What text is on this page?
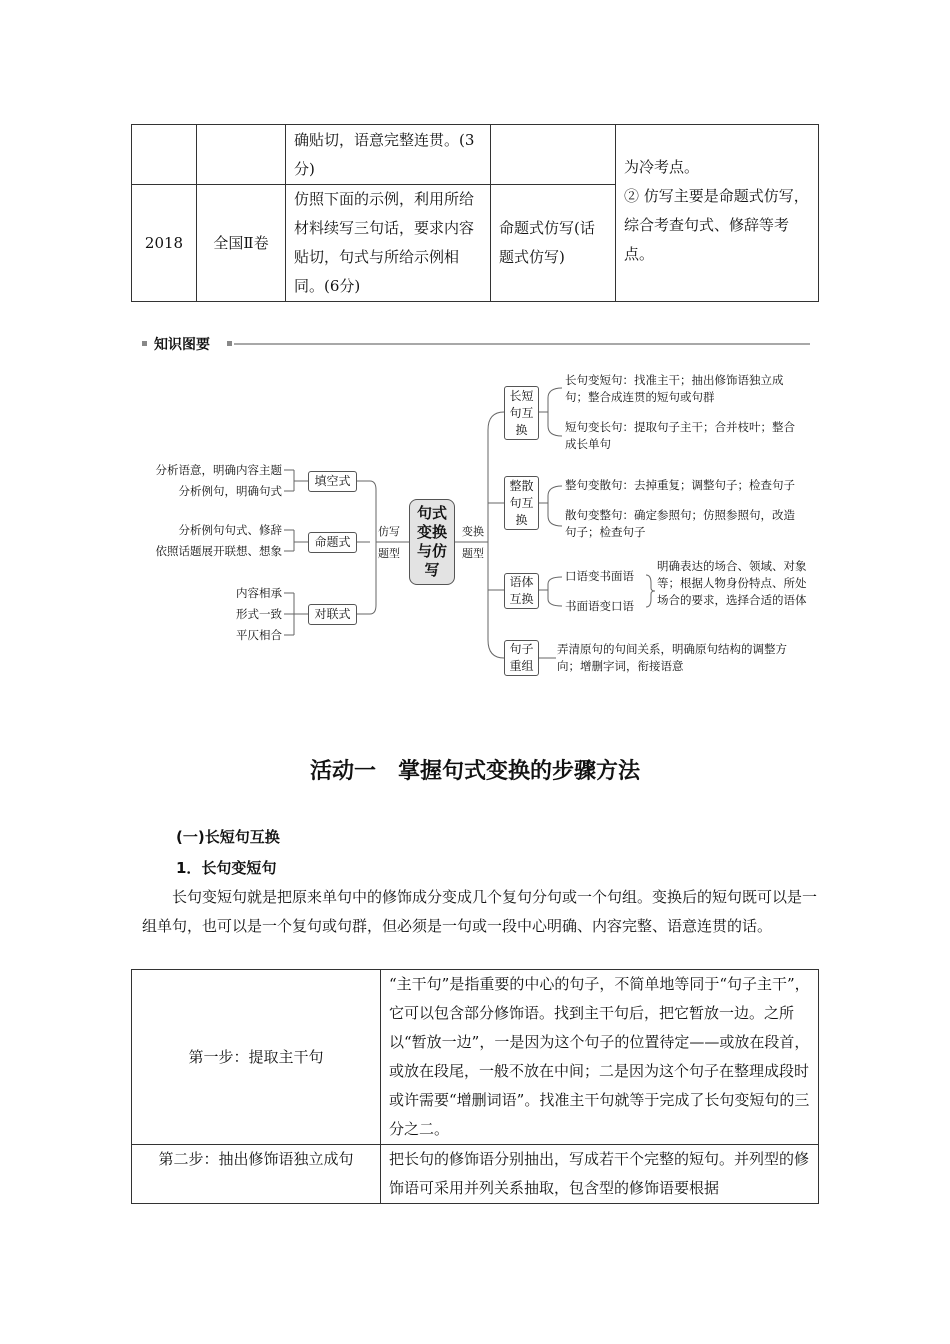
		确贴切，语意完整连贯。(3分)		为冷考点。
② 仿写主要是命题式仿写，综合考查句式、修辞等考点。

2018	全国Ⅱ卷	仿照下面的示例，利用所给材料续写三句话，要求内容贴切，句式与所给示例相同。(6分)	命题式仿写(话题式仿写)	
知识图要
分析语意，明确内容主题
分析例句，明确句式
分析例句句式、修辞
依照话题展开联想、想象
内容相承
形式一致
平仄相合
填空式
命题式
对联式
仿写
题型
变换
题型
句式
变换
与仿
写
长短句互换
整散句互换
语体互换
句子重组
长句变短句：找准主干；抽出修饰语独立成句；整合成连贯的短句或句群
短句变长句：提取句子主干；合并枝叶；整合成长单句
整句变散句：去掉重复；调整句子；检查句子
散句变整句：确定参照句；仿照参照句，改造句子；检查句子
口语变书面语
书面语变口语
明确表达的场合、领域、对象等；根据人物身份特点、所处场合的要求，选择合适的语体
弄清原句的句间关系，明确原句结构的调整方向；增删字词，衔接语意
活动一　掌握句式变换的步骤方法
(一)长短句互换
1．长句变短句
长句变短句就是把原来单句中的修饰成分变成几个复句分句或一个句组。变换后的短句既可以是一组单句，也可以是一个复句或句群，但必须是一句或一段中心明确、内容完整、语意连贯的话。
第一步：提取主干句	“主干句”是指重要的中心的句子，不简单地等同于“句子主干”，它可以包含部分修饰语。找到主干句后，把它暂放一边。之所以“暂放一边”，一是因为这个句子的位置待定——或放在段首，或放在段尾，一般不放在中间；二是因为这个句子在整理成段时或许需要“增删词语”。找准主干句就等于完成了长句变短句的三分之二。
第二步：抽出修饰语独立成句	把长句的修饰语分别抽出，写成若干个完整的短句。并列型的修饰语可采用并列关系抽取，包含型的修饰语要根据
